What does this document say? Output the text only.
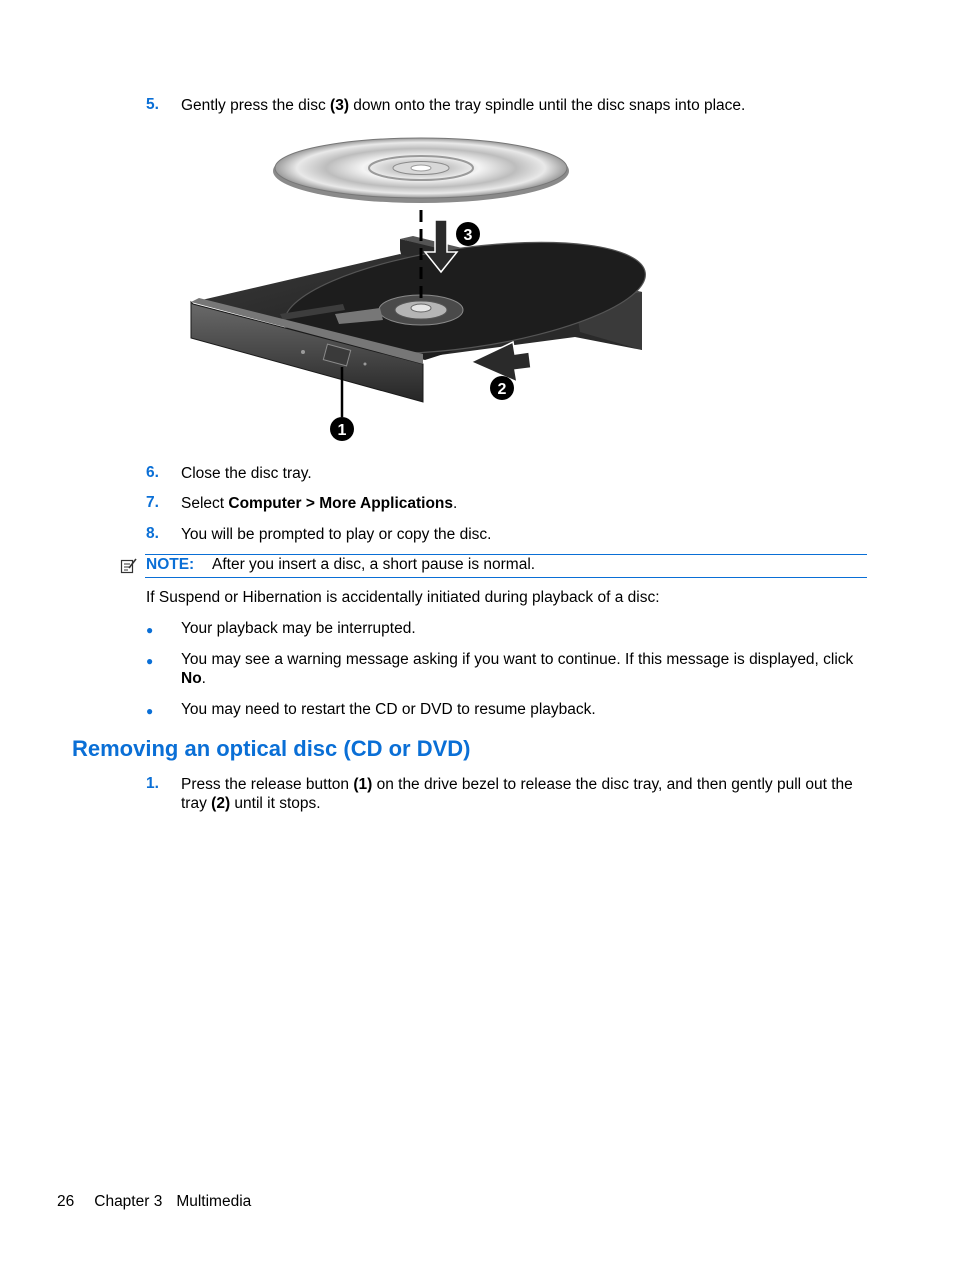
5.	Gently press the disc (3) down onto the tray spindle until the disc snaps into place.
3
2
1
6.	Close the disc tray.
7.	Select Computer > More Applications.
8.	You will be prompted to play or copy the disc.
NOTE: After you insert a disc, a short pause is normal.
If Suspend or Hibernation is accidentally initiated during playback of a disc:
● Your playback may be interrupted.
● You may see a warning message asking if you want to continue. If this message is displayed, click No.
● You may need to restart the CD or DVD to resume playback.
Removing an optical disc (CD or DVD)
1.	Press the release button (1) on the drive bezel to release the disc tray, and then gently pull out the tray (2) until it stops.
26 Chapter 3 Multimedia
